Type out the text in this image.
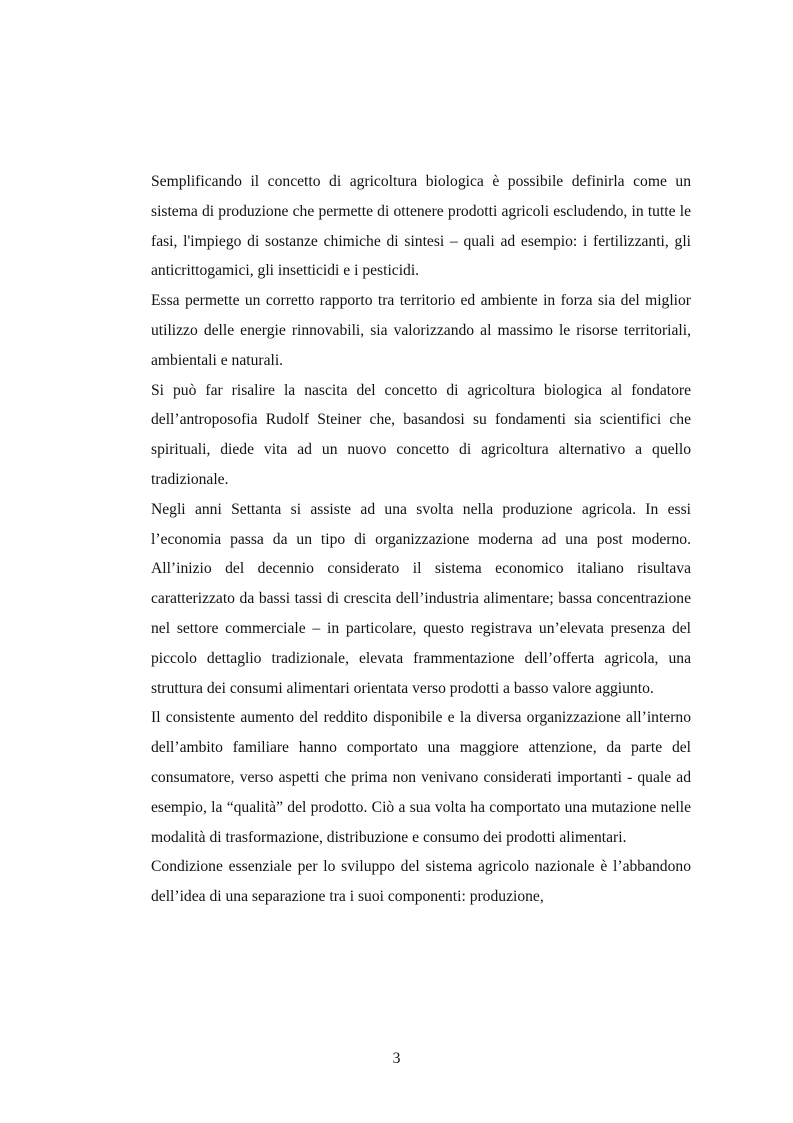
Semplificando il concetto di agricoltura biologica è possibile definirla come un sistema di produzione che permette di ottenere prodotti agricoli escludendo, in tutte le fasi, l'impiego di sostanze chimiche di sintesi – quali ad esempio: i fertilizzanti, gli anticrittogamici, gli insetticidi e i pesticidi.

Essa permette un corretto rapporto tra territorio ed ambiente in forza sia del miglior utilizzo delle energie rinnovabili, sia valorizzando al massimo le risorse territoriali, ambientali e naturali.

Si può far risalire la nascita del concetto di agricoltura biologica al fondatore dell’antroposofia Rudolf Steiner che, basandosi su fondamenti sia scientifici che spirituali, diede vita ad un nuovo concetto di agricoltura alternativo a quello tradizionale.

Negli anni Settanta si assiste ad una svolta nella produzione agricola. In essi l’economia passa da un tipo di organizzazione moderna ad una post moderno. All’inizio del decennio considerato il sistema economico italiano risultava caratterizzato da bassi tassi di crescita dell’industria alimentare; bassa concentrazione nel settore commerciale – in particolare, questo registrava un’elevata presenza del piccolo dettaglio tradizionale, elevata frammentazione dell’offerta agricola, una struttura dei consumi alimentari orientata verso prodotti a basso valore aggiunto.

Il consistente aumento del reddito disponibile e la diversa organizzazione all’interno dell’ambito familiare hanno comportato una maggiore attenzione, da parte del consumatore, verso aspetti che prima non venivano considerati importanti - quale ad esempio, la “qualità” del prodotto. Ciò a sua volta ha comportato una mutazione nelle modalità di trasformazione, distribuzione e consumo dei prodotti alimentari.

Condizione essenziale per lo sviluppo del sistema agricolo nazionale è l’abbandono dell’idea di una separazione tra i suoi componenti: produzione,

3
